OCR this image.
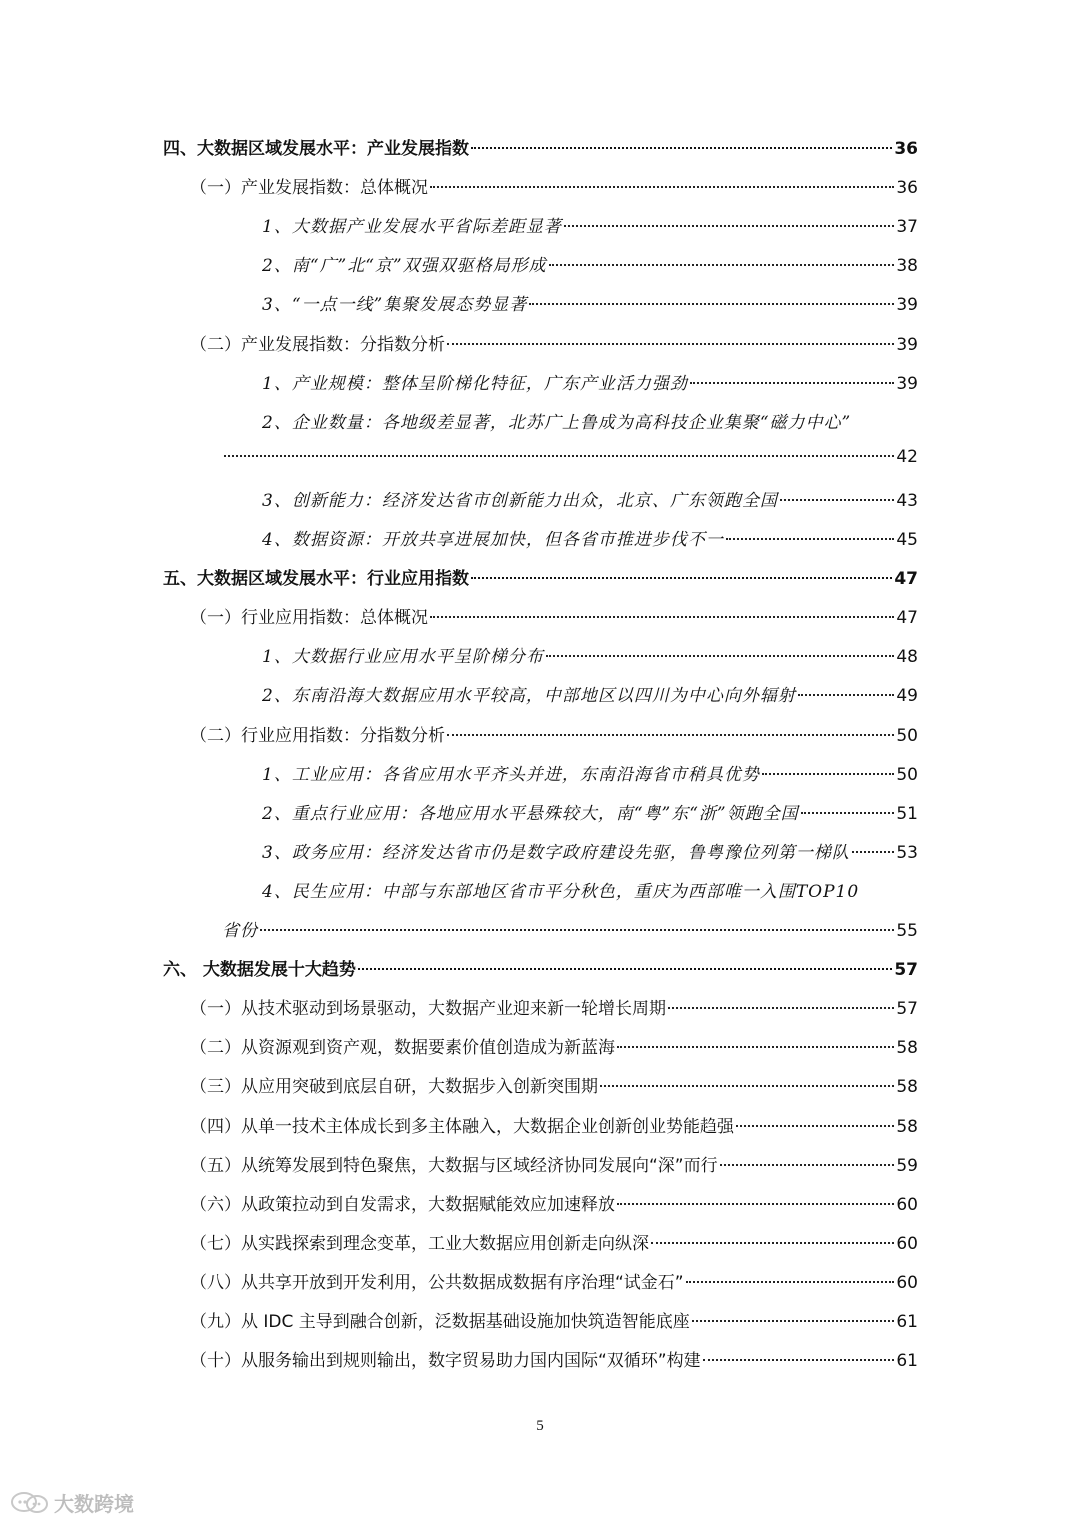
四、大数据区域发展水平：产业发展指数	36
（一）产业发展指数：总体概况	36
1、大数据产业发展水平省际差距显著	37
2、南“广”北“京”双强双驱格局形成	38
3、“一点一线”集聚发展态势显著	39
（二）产业发展指数：分指数分析	39
1、产业规模：整体呈阶梯化特征，广东产业活力强劲	39
2、企业数量：各地级差显著，北苏广上鲁成为高科技企业集聚“磁力中心”
42
3、创新能力：经济发达省市创新能力出众，北京、广东领跑全国	43
4、数据资源：开放共享进展加快，但各省市推进步伐不一	45
五、大数据区域发展水平：行业应用指数	47
（一）行业应用指数：总体概况	47
1、大数据行业应用水平呈阶梯分布	48
2、东南沿海大数据应用水平较高，中部地区以四川为中心向外辐射	49
（二）行业应用指数：分指数分析	50
1、工业应用：各省应用水平齐头并进，东南沿海省市稍具优势	50
2、重点行业应用：各地应用水平悬殊较大，南“粤”东“浙”领跑全国	51
3、政务应用：经济发达省市仍是数字政府建设先驱，鲁粤豫位列第一梯队	53
4、民生应用：中部与东部地区省市平分秋色，重庆为西部唯一入围TOP10
省份	55
六、 大数据发展十大趋势	57
（一）从技术驱动到场景驱动，大数据产业迎来新一轮增长周期	57
（二）从资源观到资产观，数据要素价值创造成为新蓝海	58
（三）从应用突破到底层自研，大数据步入创新突围期	58
（四）从单一技术主体成长到多主体融入，大数据企业创新创业势能趋强	58
（五）从统筹发展到特色聚焦，大数据与区域经济协同发展向“深”而行	59
（六）从政策拉动到自发需求，大数据赋能效应加速释放	60
（七）从实践探索到理念变革，工业大数据应用创新走向纵深	60
（八）从共享开放到开发利用，公共数据成数据有序治理“试金石”	60
（九）从 IDC 主导到融合创新，泛数据基础设施加快筑造智能底座	61
（十）从服务输出到规则输出，数字贸易助力国内国际“双循环”构建	61
5
大数跨境
